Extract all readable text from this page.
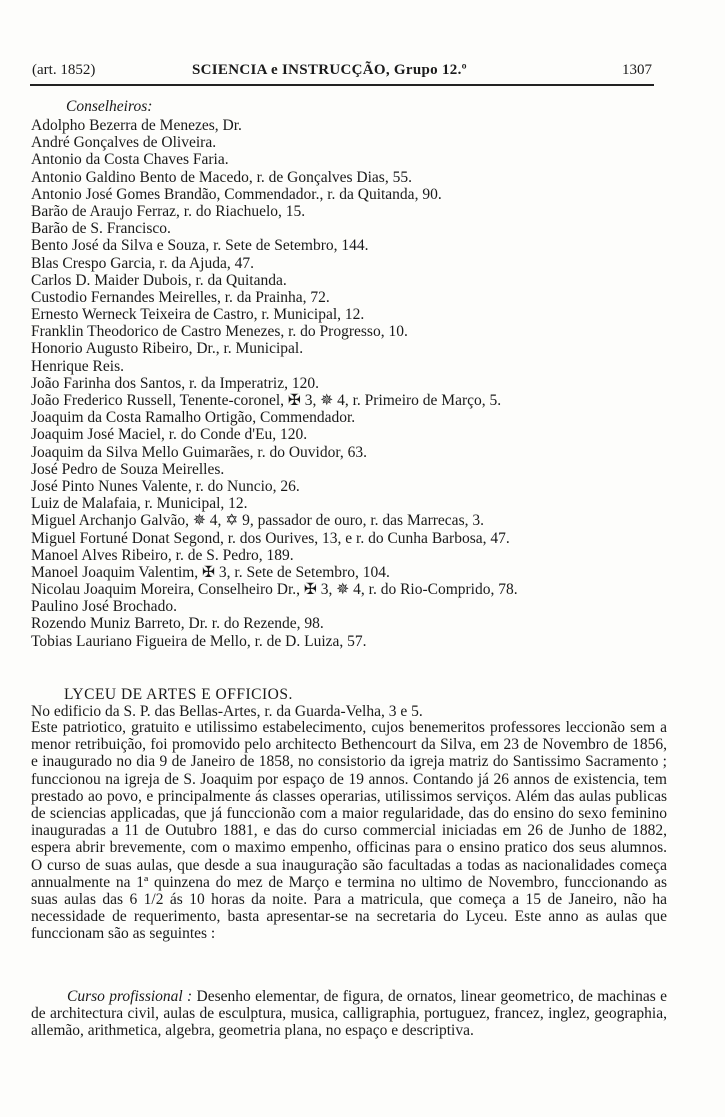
(art. 1852)	SCIENCIA e INSTRUCÇÃO, Grupo 12.º	1307
Conselheiros:
Adolpho Bezerra de Menezes, Dr.
André Gonçalves de Oliveira.
Antonio da Costa Chaves Faria.
Antonio Galdino Bento de Macedo, r. de Gonçalves Dias, 55.
Antonio José Gomes Brandão, Commendador., r. da Quitanda, 90.
Barão de Araujo Ferraz, r. do Riachuelo, 15.
Barão de S. Francisco.
Bento José da Silva e Souza, r. Sete de Setembro, 144.
Blas Crespo Garcia, r. da Ajuda, 47.
Carlos D. Maider Dubois, r. da Quitanda.
Custodio Fernandes Meirelles, r. da Prainha, 72.
Ernesto Werneck Teixeira de Castro, r. Municipal, 12.
Franklin Theodorico de Castro Menezes, r. do Progresso, 10.
Honorio Augusto Ribeiro, Dr., r. Municipal.
Henrique Reis.
João Farinha dos Santos, r. da Imperatriz, 120.
João Frederico Russell, Tenente-coronel, ✠ 3, ✵ 4, r. Primeiro de Março, 5.
Joaquim da Costa Ramalho Ortigão, Commendador.
Joaquim José Maciel, r. do Conde d'Eu, 120.
Joaquim da Silva Mello Guimarães, r. do Ouvidor, 63.
José Pedro de Souza Meirelles.
José Pinto Nunes Valente, r. do Nuncio, 26.
Luiz de Malafaia, r. Municipal, 12.
Miguel Archanjo Galvão, ✵ 4, ✡ 9, passador de ouro, r. das Marrecas, 3.
Miguel Fortuné Donat Segond, r. dos Ourives, 13, e r. do Cunha Barbosa, 47.
Manoel Alves Ribeiro, r. de S. Pedro, 189.
Manoel Joaquim Valentim, ✠ 3, r. Sete de Setembro, 104.
Nicolau Joaquim Moreira, Conselheiro Dr., ✠ 3, ✵ 4, r. do Rio-Comprido, 78.
Paulino José Brochado.
Rozendo Muniz Barreto, Dr. r. do Rezende, 98.
Tobias Lauriano Figueira de Mello, r. de D. Luiza, 57.
LYCEU DE ARTES E OFFICIOS.
No edificio da S. P. das Bellas-Artes, r. da Guarda-Velha, 3 e 5.

Este patriotico, gratuito e utilissimo estabelecimento, cujos benemeritos professores leccionão sem a menor retribuição, foi promovido pelo architecto Bethencourt da Silva, em 23 de Novembro de 1856, e inaugurado no dia 9 de Janeiro de 1858, no consistorio da igreja matriz do Santissimo Sacramento ; funccionou na igreja de S. Joaquim por espaço de 19 annos. Contando já 26 annos de existencia, tem prestado ao povo, e principalmente ás classes operarias, utilissimos serviços. Além das aulas publicas de sciencias applicadas, que já funccionão com a maior regularidade, das do ensino do sexo feminino inauguradas a 11 de Outubro 1881, e das do curso commercial iniciadas em 26 de Junho de 1882, espera abrir brevemente, com o maximo empenho, officinas para o ensino pratico dos seus alumnos. O curso de suas aulas, que desde a sua inauguração são facultadas a todas as nacionalidades começa annualmente na 1ª quinzena do mez de Março e termina no ultimo de Novembro, funccionando as suas aulas das 6 1/2 ás 10 horas da noite. Para a matricula, que começa a 15 de Janeiro, não ha necessidade de requerimento, basta apresentar-se na secretaria do Lyceu. Este anno as aulas que funccionam são as seguintes :

Curso profissional : Desenho elementar, de figura, de ornatos, linear geometrico, de machinas e de architectura civil, aulas de esculptura, musica, calligraphia, portuguez, francez, inglez, geographia, allemão, arithmetica, algebra, geometria plana, no espaço e descriptiva.
